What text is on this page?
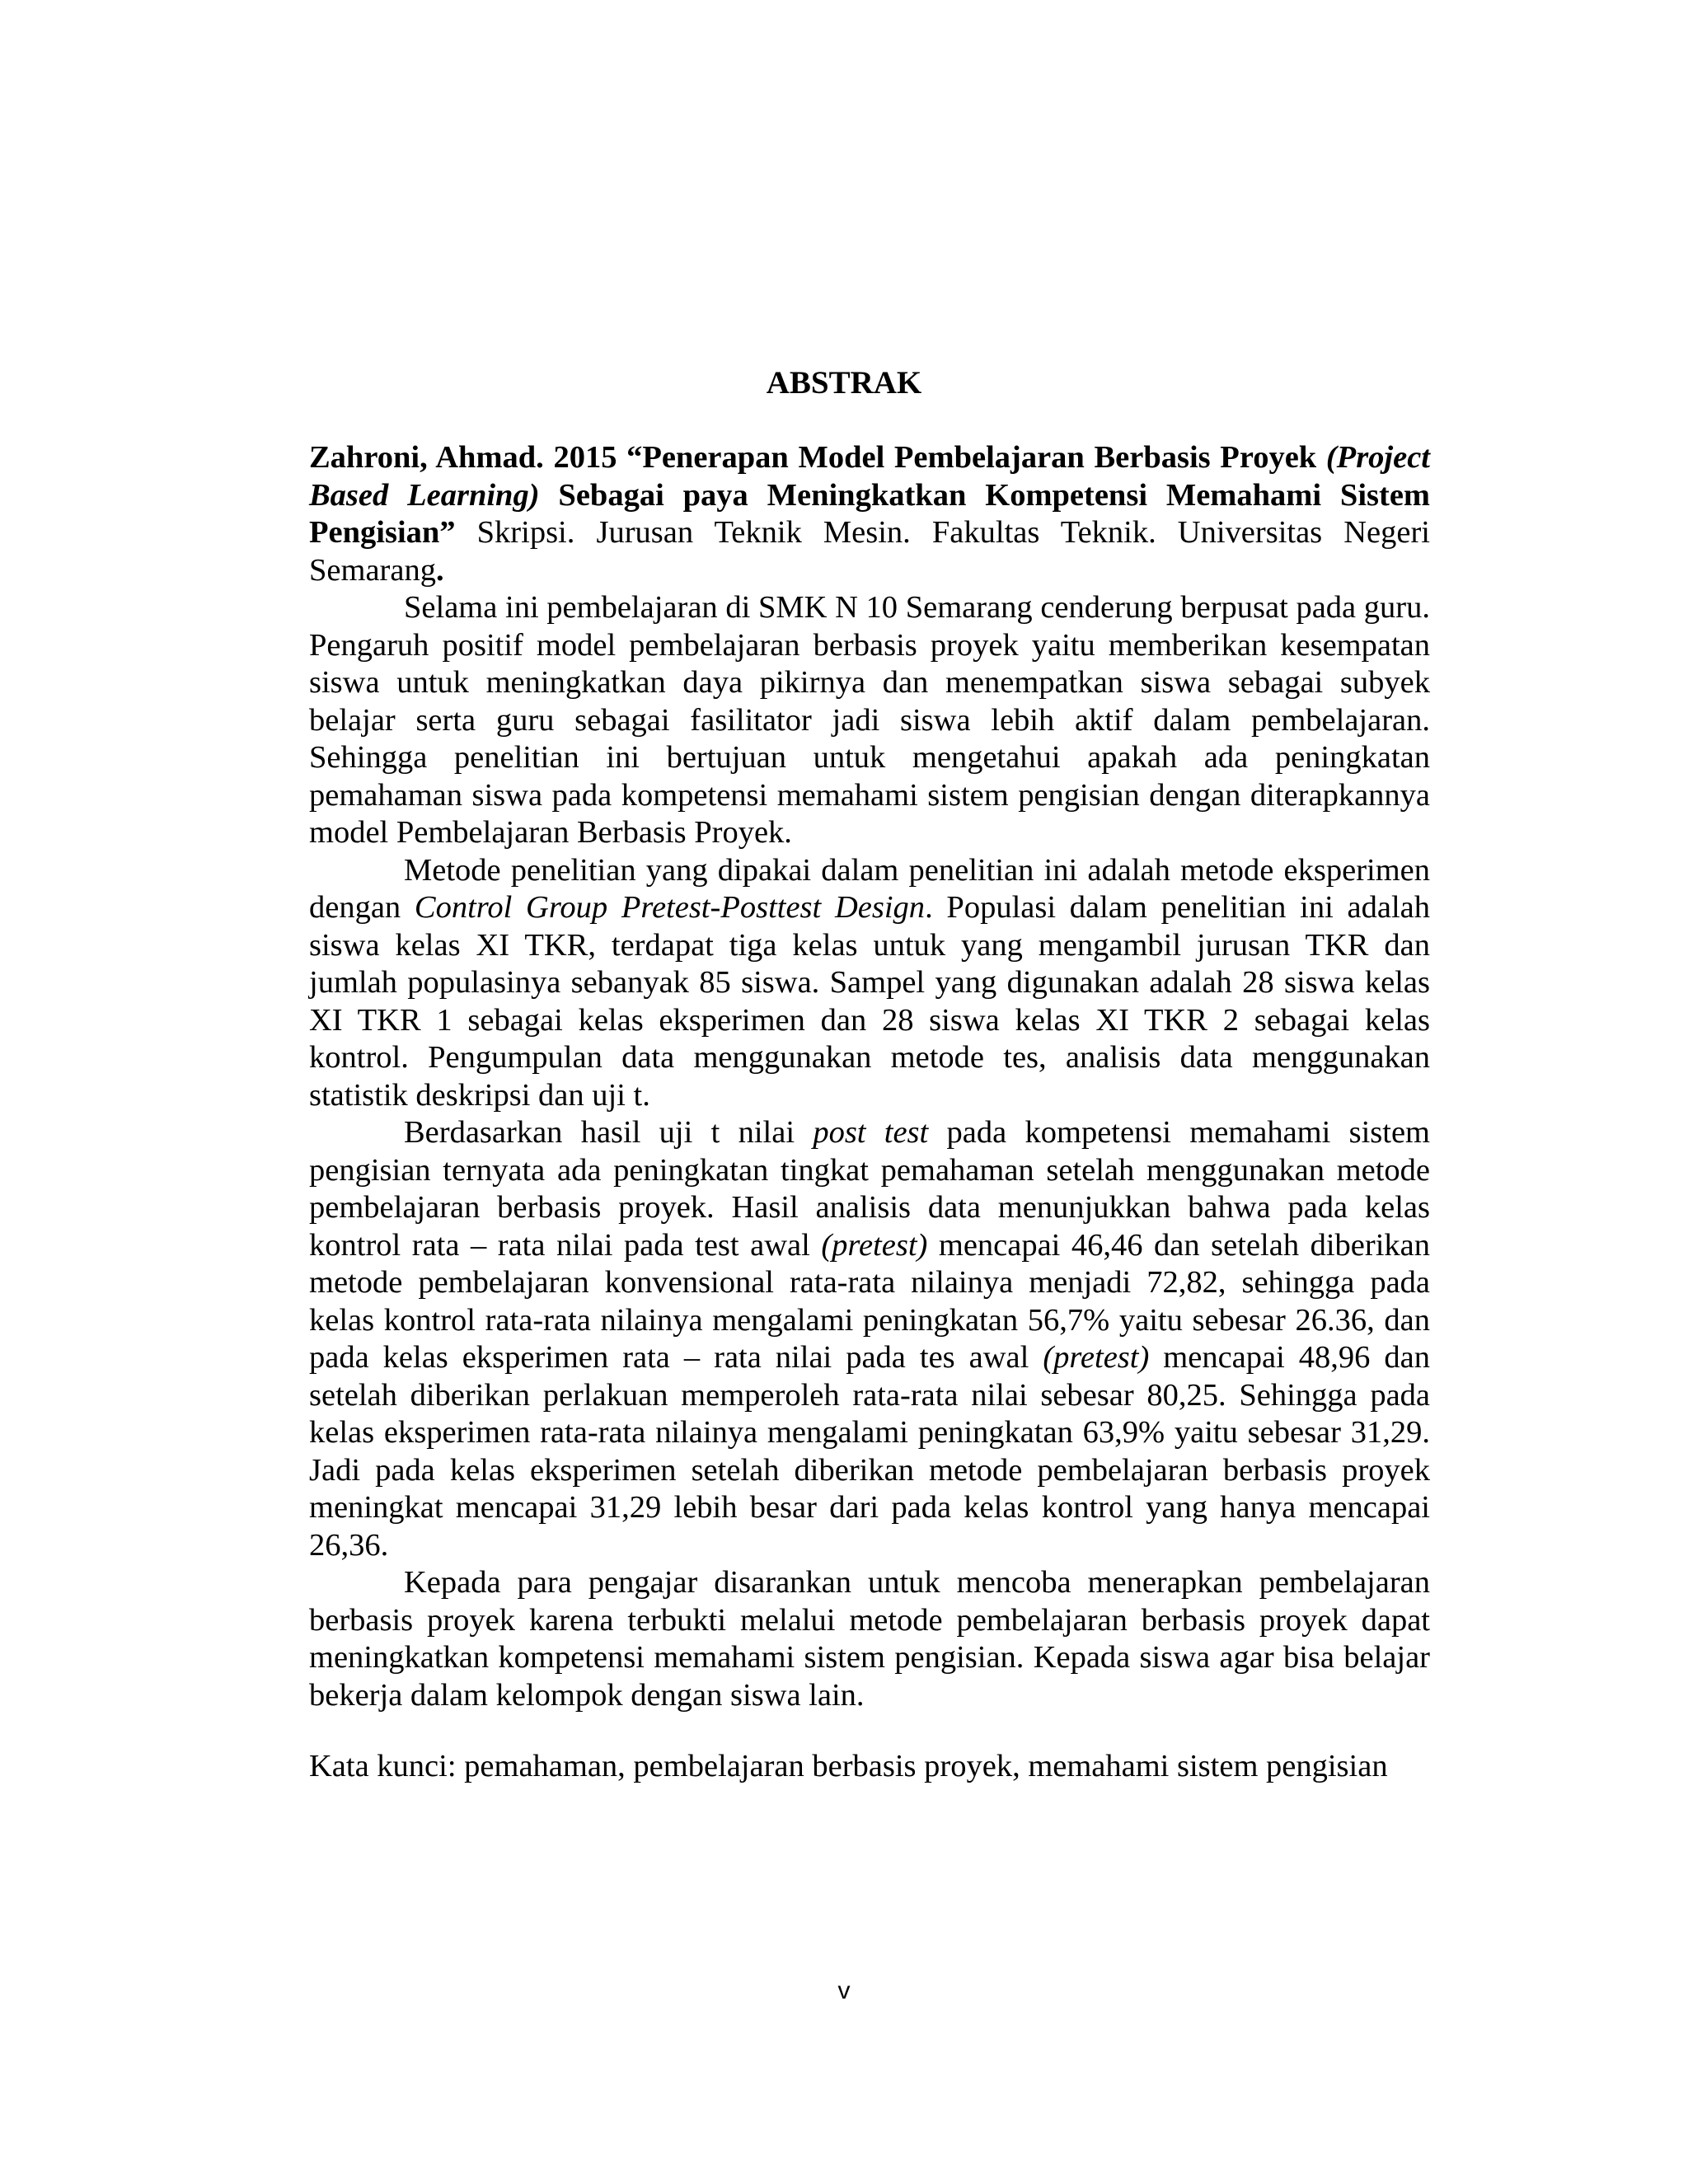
ABSTRAK

Zahroni, Ahmad. 2015 “Penerapan Model Pembelajaran Berbasis Proyek (Project Based Learning) Sebagai paya Meningkatkan Kompetensi Memahami Sistem Pengisian” Skripsi. Jurusan Teknik Mesin. Fakultas Teknik. Universitas Negeri Semarang.

Selama ini pembelajaran di SMK N 10 Semarang cenderung berpusat pada guru. Pengaruh positif model pembelajaran berbasis proyek yaitu memberikan kesempatan siswa untuk meningkatkan daya pikirnya dan menempatkan siswa sebagai subyek belajar serta guru sebagai fasilitator jadi siswa lebih aktif dalam pembelajaran. Sehingga penelitian ini bertujuan untuk mengetahui apakah ada peningkatan pemahaman siswa pada kompetensi memahami sistem pengisian dengan diterapkannya model Pembelajaran Berbasis Proyek.

Metode penelitian yang dipakai dalam penelitian ini adalah metode eksperimen dengan Control Group Pretest-Posttest Design. Populasi dalam penelitian ini adalah siswa kelas XI TKR, terdapat tiga kelas untuk yang mengambil jurusan TKR dan jumlah populasinya sebanyak 85 siswa. Sampel yang digunakan adalah 28 siswa kelas XI TKR 1 sebagai kelas eksperimen dan 28 siswa kelas XI TKR 2 sebagai kelas kontrol. Pengumpulan data menggunakan metode tes, analisis data menggunakan statistik deskripsi dan uji t.

Berdasarkan hasil uji t nilai post test pada kompetensi memahami sistem pengisian ternyata ada peningkatan tingkat pemahaman setelah menggunakan metode pembelajaran berbasis proyek. Hasil analisis data menunjukkan bahwa pada kelas kontrol rata – rata nilai pada test awal (pretest) mencapai 46,46 dan setelah diberikan metode pembelajaran konvensional rata-rata nilainya menjadi 72,82, sehingga pada kelas kontrol rata-rata nilainya mengalami peningkatan 56,7% yaitu sebesar 26.36, dan pada kelas eksperimen rata – rata nilai pada tes awal (pretest) mencapai 48,96 dan setelah diberikan perlakuan memperoleh rata-rata nilai sebesar 80,25. Sehingga pada kelas eksperimen rata-rata nilainya mengalami peningkatan 63,9% yaitu sebesar 31,29. Jadi pada kelas eksperimen setelah diberikan metode pembelajaran berbasis proyek meningkat mencapai 31,29 lebih besar dari pada kelas kontrol yang hanya mencapai 26,36.

Kepada para pengajar disarankan untuk mencoba menerapkan pembelajaran berbasis proyek karena terbukti melalui metode pembelajaran berbasis proyek dapat meningkatkan kompetensi memahami sistem pengisian. Kepada siswa agar bisa belajar bekerja dalam kelompok dengan siswa lain.

Kata kunci: pemahaman, pembelajaran berbasis proyek, memahami sistem pengisian

v
